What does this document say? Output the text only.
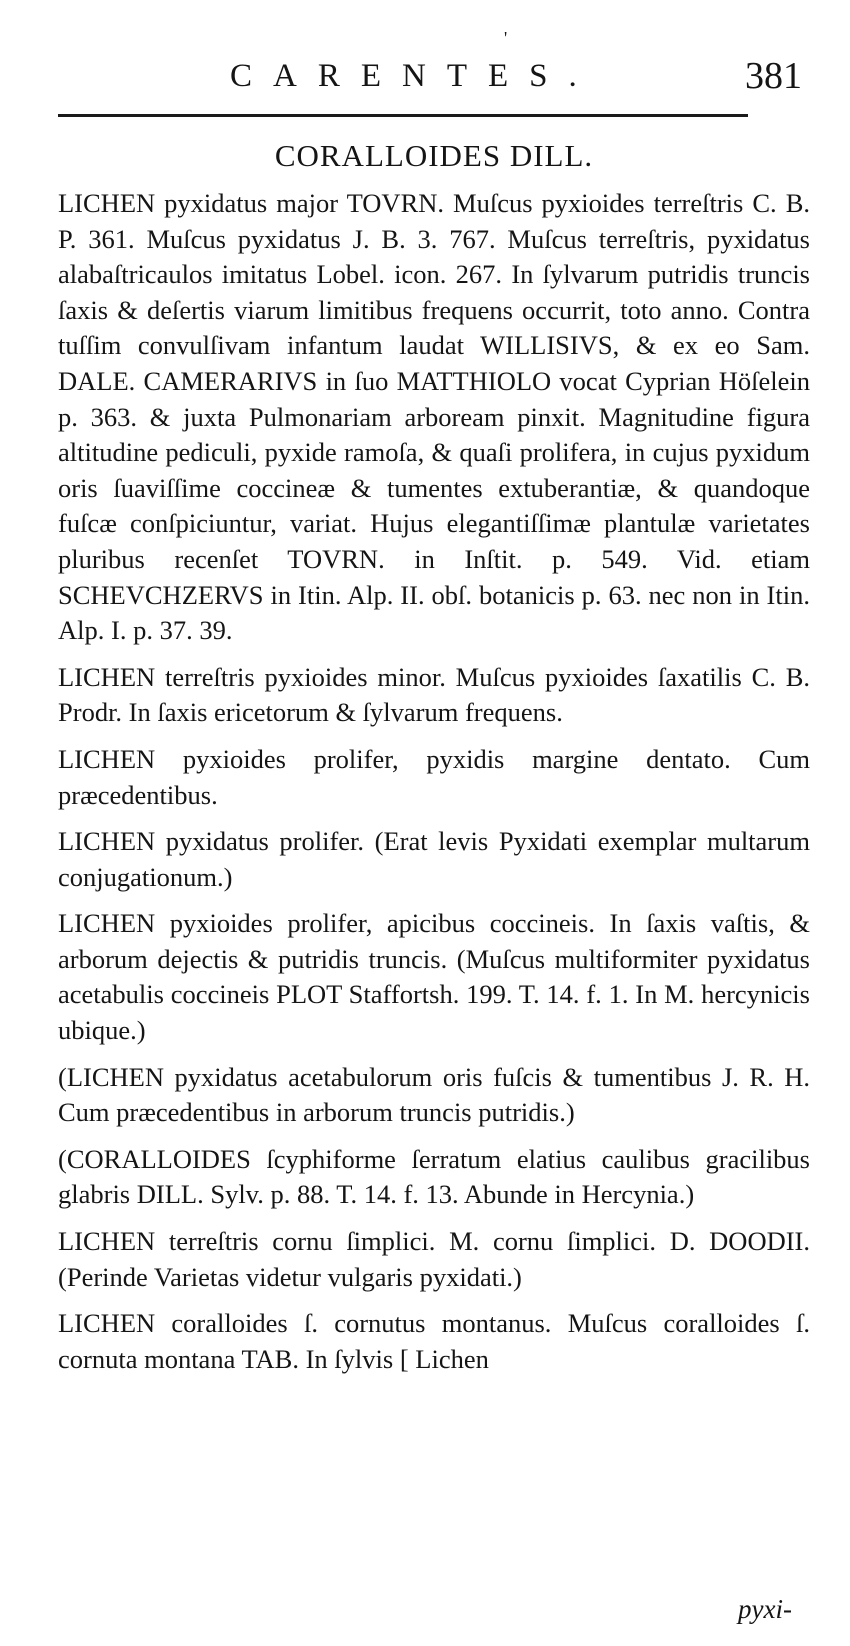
'
CARENTES.	381
CORALLOIDES DILL.

LICHEN pyxidatus major TOVRN. Muſcus pyxioides terreſtris C. B. P. 361. Muſcus pyxidatus J. B. 3. 767. Muſcus terreſtris, pyxidatus alabaſtricaulos imitatus Lobel. icon. 267. In ſylvarum putridis truncis ſaxis & deſertis viarum limitibus frequens occurrit, toto anno. Contra tuſſim convulſivam infantum laudat WILLISIVS, & ex eo Sam. DALE. CAMERARIVS in ſuo MATTHIOLO vocat Cyprian Höſelein p. 363. & juxta Pulmonariam arboream pinxit. Magnitudine figura altitudine pediculi, pyxide ramoſa, & quaſi prolifera, in cujus pyxidum oris ſuaviſſime coccineæ & tumentes extuberantiæ, & quandoque fuſcæ conſpiciuntur, variat. Hujus elegantiſſimæ plantulæ varietates pluribus recenſet TOVRN. in Inſtit. p. 549. Vid. etiam SCHEVCHZERVS in Itin. Alp. II. obſ. botanicis p. 63. nec non in Itin. Alp. I. p. 37. 39.

LICHEN terreſtris pyxioides minor. Muſcus pyxioides ſaxatilis C. B. Prodr. In ſaxis ericetorum & ſylvarum frequens.

LICHEN pyxioides prolifer, pyxidis margine dentato. Cum præcedentibus.

LICHEN pyxidatus prolifer. (Erat levis Pyxidati exemplar multarum conjugationum.)

LICHEN pyxioides prolifer, apicibus coccineis. In ſaxis vaſtis, & arborum dejectis & putridis truncis. (Muſcus multiformiter pyxidatus acetabulis coccineis PLOT Staffortsh. 199. T. 14. f. 1. In M. hercynicis ubique.)

(LICHEN pyxidatus acetabulorum oris fuſcis & tumentibus J. R. H. Cum præcedentibus in arborum truncis putridis.)

(CORALLOIDES ſcyphiforme ſerratum elatius caulibus gracilibus glabris DILL. Sylv. p. 88. T. 14. f. 13. Abunde in Hercynia.)

LICHEN terreſtris cornu ſimplici. M. cornu ſimplici. D. DOODII. (Perinde Varietas videtur vulgaris pyxidati.)

LICHEN coralloides ſ. cornutus montanus. Muſcus coralloides ſ. cornuta montana TAB. In ſylvis [ Lichen

pyxi-
